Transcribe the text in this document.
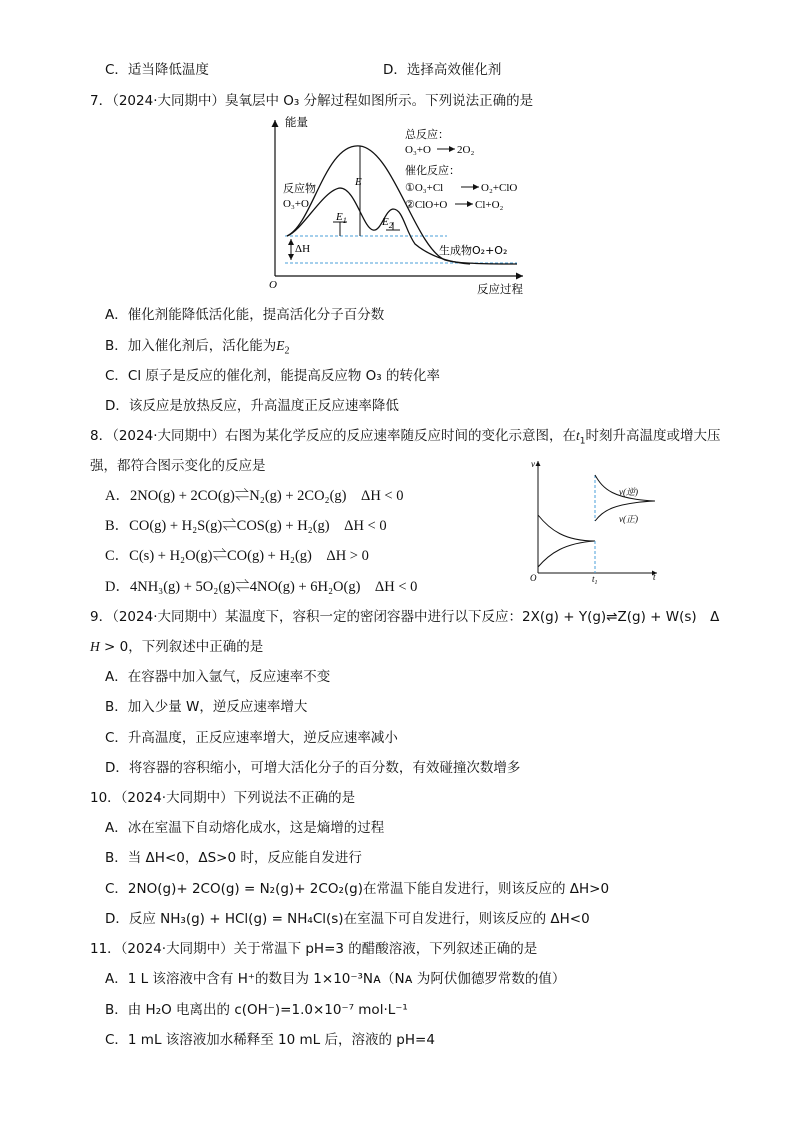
C．适当降低温度	D．选择高效催化剂
7．（2024·大同期中）臭氧层中 O₃ 分解过程如图所示。下列说法正确的是
能量
反应过程
O
E
$E_1$	$E_2$
ΔH
反应物
O₃+O
生成物O₂+O₂
总反应：
O₃+O 2O₂
催化反应：
①O₃+Cl	O₂+ClO
②ClO+O	Cl+O₂
A．催化剂能降低活化能，提高活化分子百分数
B．加入催化剂后，活化能为$E_2$
C．Cl 原子是反应的催化剂，能提高反应物 O₃ 的转化率
D．该反应是放热反应，升高温度正反应速率降低
8．（2024·大同期中）右图为某化学反应的反应速率随反应时间的变化示意图，在$t_1$时刻升高温度或增大压
强，都符合图示变化的反应是
A．2NO(g) + 2CO(g)⇌N₂(g) + 2CO₂(g)　ΔH < 0
B．CO(g) + H₂S(g)⇌COS(g) + H₂(g)　ΔH < 0
C．C(s) + H₂O(g)⇌CO(g) + H₂(g)　ΔH > 0
D．4NH₃(g) + 5O₂(g)⇌4NO(g) + 6H₂O(g)　ΔH < 0
v
t
O	$t_1$
v(逆)
v(正)
9．（2024·大同期中）某温度下，容积一定的密闭容器中进行以下反应：2X(g) + Y(g)⇌Z(g) + W(s)　Δ
H > 0，下列叙述中正确的是
A．在容器中加入氩气，反应速率不变
B．加入少量 W，逆反应速率增大
C．升高温度，正反应速率增大，逆反应速率减小
D．将容器的容积缩小，可增大活化分子的百分数，有效碰撞次数增多
10．（2024·大同期中）下列说法不正确的是
A．冰在室温下自动熔化成水，这是熵增的过程
B．当 ΔH<0，ΔS>0 时，反应能自发进行
C．2NO(g)+ 2CO(g) = N₂(g)+ 2CO₂(g)在常温下能自发进行，则该反应的 ΔH>0
D．反应 NH₃(g) + HCl(g) = NH₄Cl(s)在室温下可自发进行，则该反应的 ΔH<0
11．（2024·大同期中）关于常温下 pH=3 的醋酸溶液，下列叙述正确的是
A．1 L 该溶液中含有 H⁺的数目为 1×10⁻³Nᴀ（Nᴀ 为阿伏伽德罗常数的值）
B．由 H₂O 电离出的 c(OH⁻)=1.0×10⁻⁷ mol·L⁻¹
C．1 mL 该溶液加水稀释至 10 mL 后，溶液的 pH=4
